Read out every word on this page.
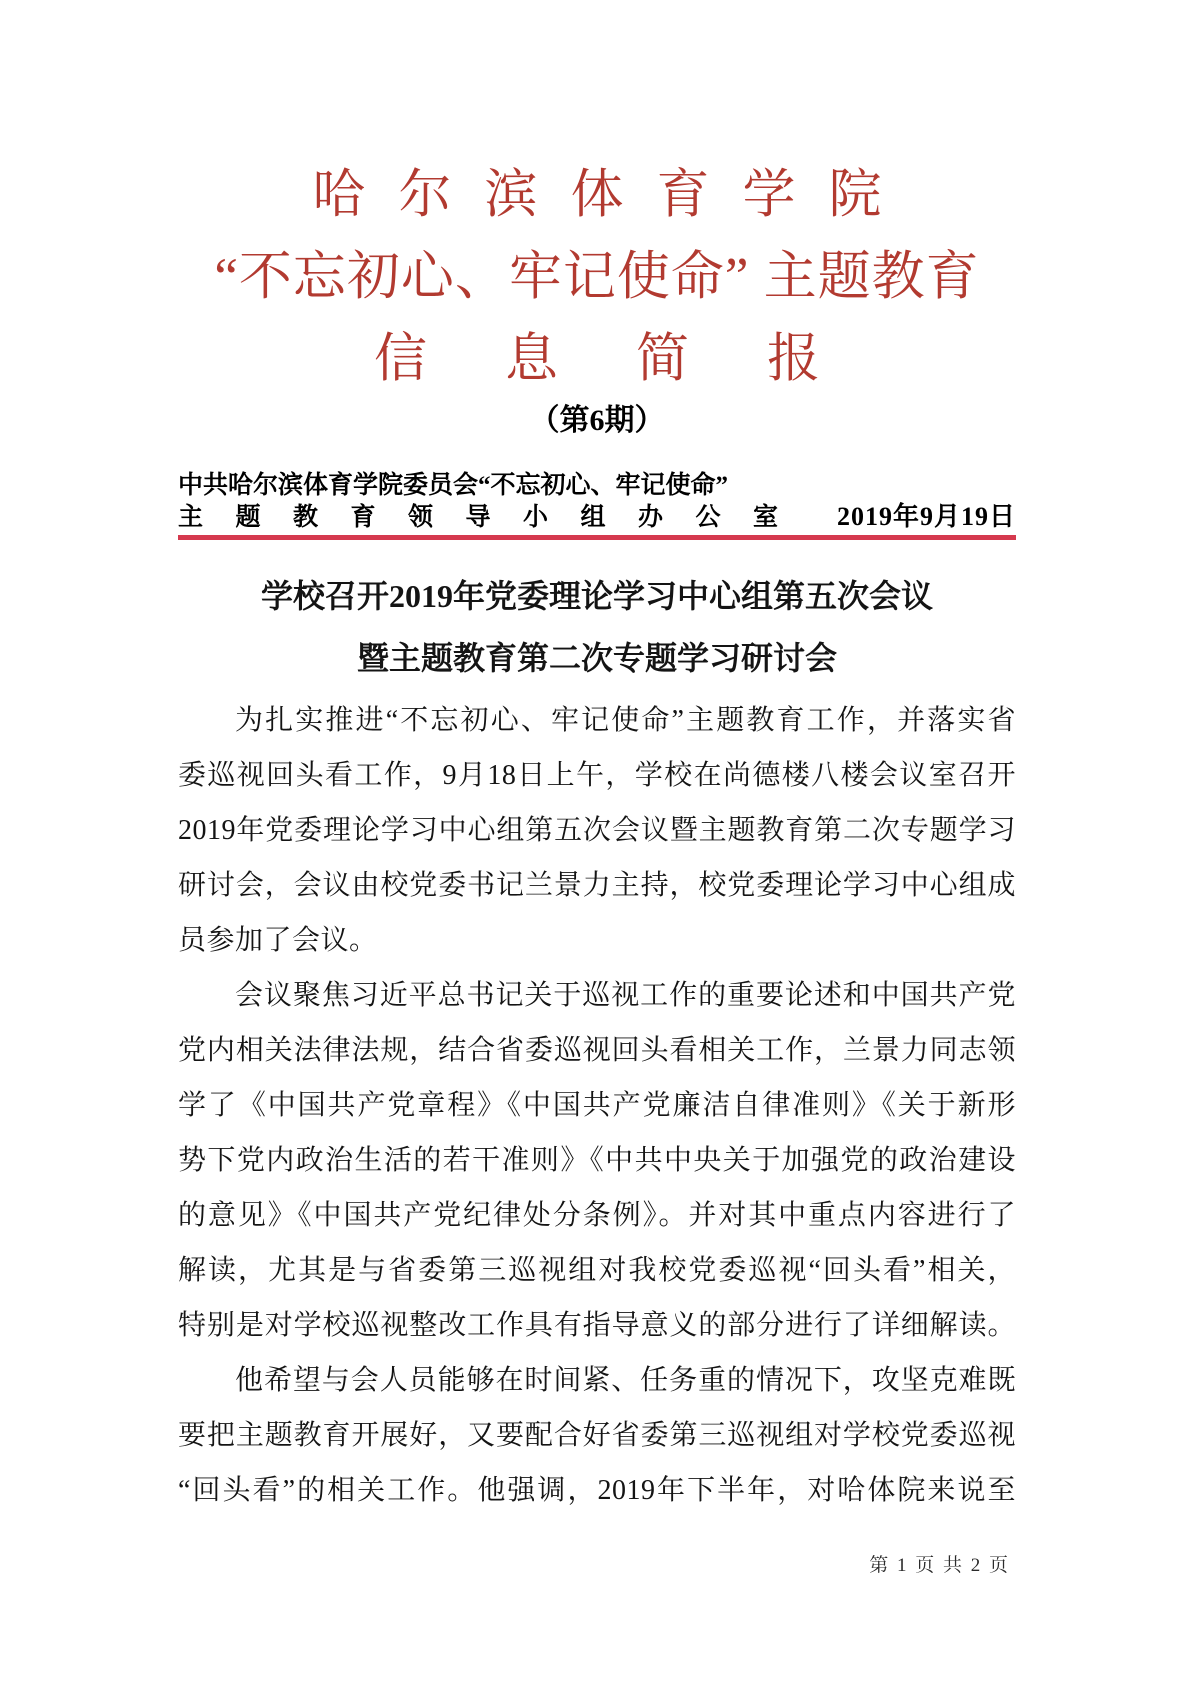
哈尔滨体育学院
“不忘初心、牢记使命” 主题教育
信息简报
（第6期）
中共哈尔滨体育学院委员会“不忘初心、牢记使命”
主题教育领导小组办公室 2019年9月19日
学校召开2019年党委理论学习中心组第五次会议
暨主题教育第二次专题学习研讨会
为扎实推进“不忘初心、牢记使命”主题教育工作，并落实省
委巡视回头看工作，9月18日上午，学校在尚德楼八楼会议室召开
2019年党委理论学习中心组第五次会议暨主题教育第二次专题学习
研讨会，会议由校党委书记兰景力主持，校党委理论学习中心组成
员参加了会议。
会议聚焦习近平总书记关于巡视工作的重要论述和中国共产党
党内相关法律法规，结合省委巡视回头看相关工作，兰景力同志领
学了《中国共产党章程》《中国共产党廉洁自律准则》《关于新形
势下党内政治生活的若干准则》《中共中央关于加强党的政治建设
的意见》《中国共产党纪律处分条例》。并对其中重点内容进行了
解读，尤其是与省委第三巡视组对我校党委巡视“回头看”相关，
特别是对学校巡视整改工作具有指导意义的部分进行了详细解读。
他希望与会人员能够在时间紧、任务重的情况下，攻坚克难既
要把主题教育开展好，又要配合好省委第三巡视组对学校党委巡视
“回头看”的相关工作。他强调，2019年下半年，对哈体院来说至
第 1 页 共 2 页
